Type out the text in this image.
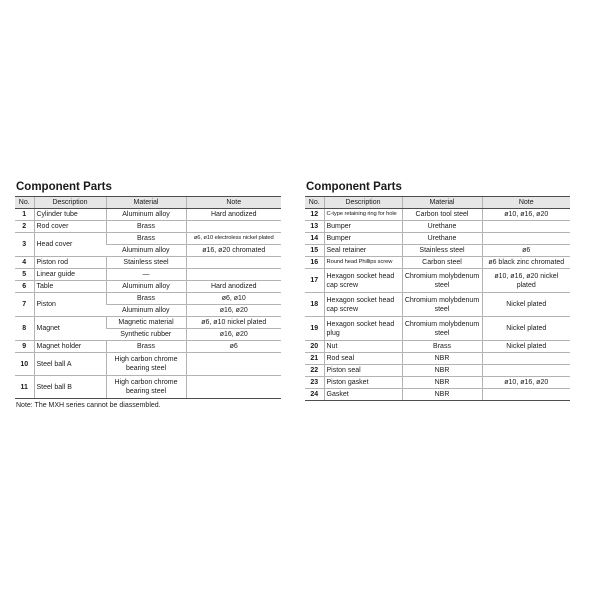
Component Parts
No.	Description	Material	Note
1	Cylinder tube	Aluminum alloy	Hard anodized
2	Rod cover	Brass	
3	Head cover	Brass	ø6, ø10 electroless nickel plated
		Aluminum alloy	ø16, ø20 chromated
4	Piston rod	Stainless steel	
5	Linear guide	—	
6	Table	Aluminum alloy	Hard anodized
7	Piston	Brass	ø6, ø10
		Aluminum alloy	ø16, ø20
8	Magnet	Magnetic material	ø6, ø10 nickel plated
		Synthetic rubber	ø16, ø20
9	Magnet holder	Brass	ø6
10	Steel ball A	High carbon chrome bearing steel	
11	Steel ball B	High carbon chrome bearing steel	
Note: The MXH series cannot be diassembled.
Component Parts
No.	Description	Material	Note
12	C-type retaining ring for hole	Carbon tool steel	ø10, ø16, ø20
13	Bumper	Urethane	
14	Bumper	Urethane	
15	Seal retainer	Stainless steel	ø6
16	Round head Phillips screw	Carbon steel	ø6 black zinc chromated
17	Hexagon socket head cap screw	Chromium molybdenum steel	ø10, ø16, ø20 nickel plated
18	Hexagon socket head cap screw	Chromium molybdenum steel	Nickel plated
19	Hexagon socket head plug	Chromium molybdenum steel	Nickel plated
20	Nut	Brass	Nickel plated
21	Rod seal	NBR	
22	Piston seal	NBR	
23	Piston gasket	NBR	ø10, ø16, ø20
24	Gasket	NBR	
